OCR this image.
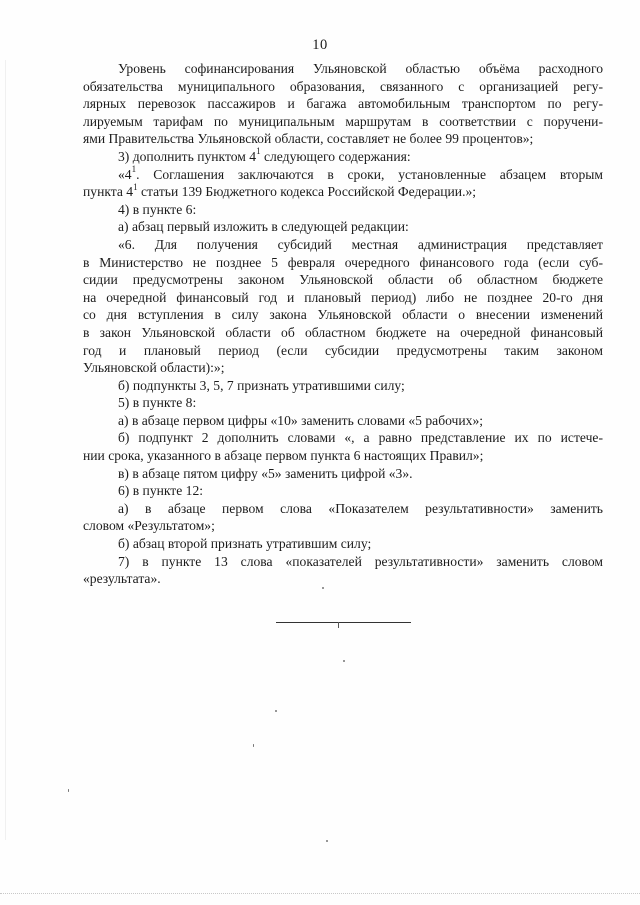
10
Уровень софинансирования Ульяновской областью объёма расходного
обязательства муниципального образования, связанного с организацией регу-
лярных перевозок пассажиров и багажа автомобильным транспортом по регу-
лируемым тарифам по муниципальным маршрутам в соответствии с поручени-
ями Правительства Ульяновской области, составляет не более 99 процентов»;
3) дополнить пунктом $4^1$ следующего содержания:
«$4^1$. Соглашения заключаются в сроки, установленные абзацем вторым
пункта $4^1$ статьи 139 Бюджетного кодекса Российской Федерации.»;
4) в пункте 6:
а) абзац первый изложить в следующей редакции:
«6. Для получения субсидий местная администрация представляет
в Министерство не позднее 5 февраля очередного финансового года (если суб-
сидии предусмотрены законом Ульяновской области об областном бюджете
на очередной финансовый год и плановый период) либо не позднее 20-го дня
со дня вступления в силу закона Ульяновской области о внесении изменений
в закон Ульяновской области об областном бюджете на очередной финансовый
год и плановый период (если субсидии предусмотрены таким законом
Ульяновской области):»;
б) подпункты 3, 5, 7 признать утратившими силу;
5) в пункте 8:
а) в абзаце первом цифры «10» заменить словами «5 рабочих»;
б) подпункт 2 дополнить словами «, а равно представление их по истече-
нии срока, указанного в абзаце первом пункта 6 настоящих Правил»;
в) в абзаце пятом цифру «5» заменить цифрой «3».
6) в пункте 12:
а) в абзаце первом слова «Показателем результативности» заменить
словом «Результатом»;
б) абзац второй признать утратившим силу;
7) в пункте 13 слова «показателей результативности» заменить словом
«результата».
